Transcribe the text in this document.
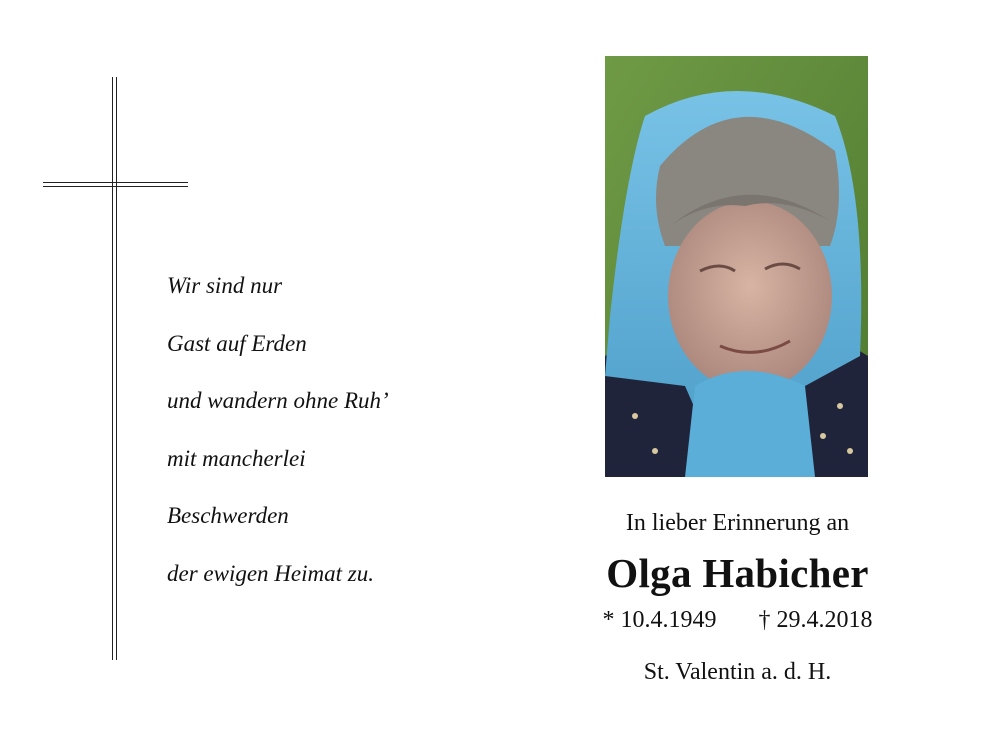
Wir sind nur
Gast auf Erden
und wandern ohne Ruh’
mit mancherlei
Beschwerden
der ewigen Heimat zu.
In lieber Erinnerung an
Olga Habicher
* 10.4.1949 † 29.4.2018
St. Valentin a. d. H.
